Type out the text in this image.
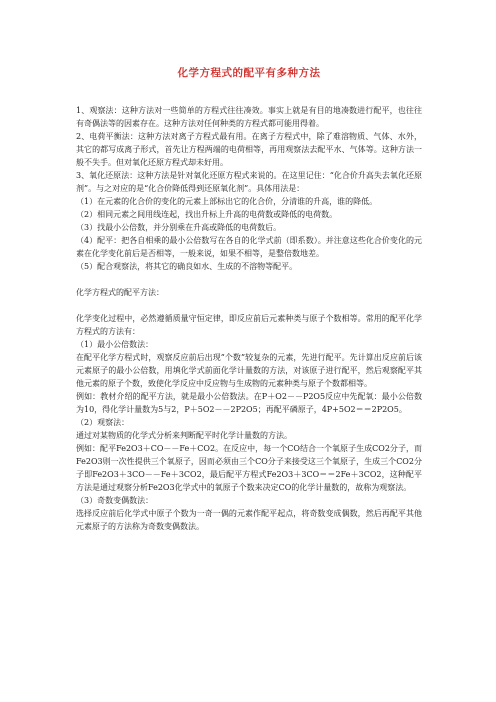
化学方程式的配平有多种方法

1、观察法：这种方法对一些简单的方程式往往凑效。事实上就是有目的地凑数进行配平，也往往有奇偶法等的因素存在。这种方法对任何种类的方程式都可能用得着。

2、电荷平衡法：这种方法对离子方程式最有用。在离子方程式中，除了难溶物质、气体、水外，其它的都写成离子形式，首先让方程两端的电荷相等，再用观察法去配平水、气体等。这种方法一般不失手。但对氧化还原方程式却未好用。

3、氧化还原法：这种方法是针对氧化还原方程式来说的。在这里记住：“化合价升高失去氧化还原剂”。与之对应的是“化合价降低得到还原氧化剂”。具体用法是：

（1）在元素的化合价的变化的元素上部标出它的化合价，分清谁的升高，谁的降低。

（2）相同元素之间用线连起，找出升标上升高的电荷数或降低的电荷数。

（3）找最小公倍数，并分别乘在升高或降低的电荷数后。

（4）配平：把各自相乘的最小公倍数写在各自的化学式前（即系数）。并注意这些化合价变化的元素在化学变化前后是否相等，一般来说，如果不相等，是整倍数地差。

（5）配合观察法，将其它的确良如水、生成的不溶物等配平。

化学方程式的配平方法：

化学变化过程中，必然遵循质量守恒定律，即反应前后元素种类与原子个数相等。常用的配平化学方程式的方法有：

（1）最小公倍数法：

在配平化学方程式时，观察反应前后出现”个数”较复杂的元素，先进行配平。先计算出反应前后该元素原子的最小公倍数，用填化学式前面化学计量数的方法，对该原子进行配平，然后观察配平其他元素的原子个数，致使化学反应中反应物与生成物的元素种类与原子个数都相等。

例如：教材介绍的配平方法，就是最小公倍数法。在P＋O2－－P2O5反应中先配氧：最小公倍数为10，得化学计量数为5与2，P＋5O2－－2P2O5；再配平磷原子，4P+5O2＝＝2P2O5。

（2）观察法：

通过对某物质的化学式分析来判断配平时化学计量数的方法。

例如：配平Fe2O3＋CO－－Fe＋CO2。在反应中，每一个CO结合一个氧原子生成CO2分子，而Fe2O3则一次性提供三个氧原子，因而必须由三个CO分子来接受这三个氧原子，生成三个CO2分子即Fe2O3＋3CO－－Fe＋3CO2，最后配平方程式Fe2O3＋3CO＝＝2Fe＋3CO2，这种配平方法是通过观察分析Fe2O3化学式中的氧原子个数来决定CO的化学计量数的，故称为观察法。

（3）奇数变偶数法：

选择反应前后化学式中原子个数为一奇一偶的元素作配平起点，将奇数变成偶数，然后再配平其他元素原子的方法称为奇数变偶数法。
